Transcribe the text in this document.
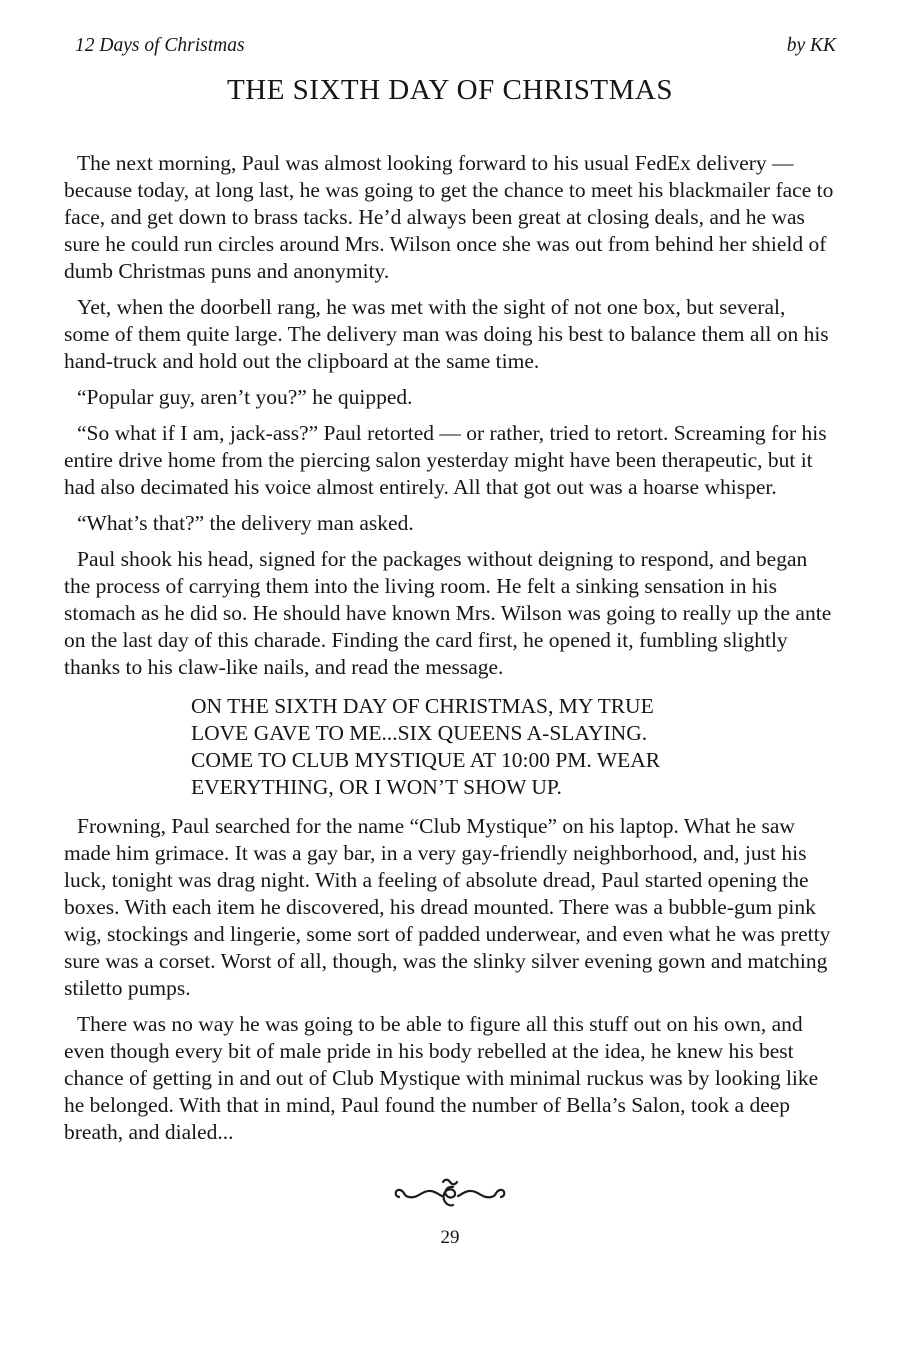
12 Days of Christmas	by KK
THE SIXTH DAY OF CHRISTMAS

The next morning, Paul was almost looking forward to his usual FedEx delivery — because today, at long last, he was going to get the chance to meet his blackmailer face to face, and get down to brass tacks. He’d always been great at closing deals, and he was sure he could run circles around Mrs. Wilson once she was out from behind her shield of dumb Christmas puns and anonymity.

Yet, when the doorbell rang, he was met with the sight of not one box, but several, some of them quite large. The delivery man was doing his best to balance them all on his hand-truck and hold out the clipboard at the same time.

“Popular guy, aren’t you?” he quipped.

“So what if I am, jack-ass?” Paul retorted — or rather, tried to retort. Screaming for his entire drive home from the piercing salon yesterday might have been therapeutic, but it had also decimated his voice almost entirely. All that got out was a hoarse whisper.

“What’s that?” the delivery man asked.

Paul shook his head, signed for the packages without deigning to respond, and began the process of carrying them into the living room. He felt a sinking sensation in his stomach as he did so. He should have known Mrs. Wilson was going to really up the ante on the last day of this charade. Finding the card first, he opened it, fumbling slightly thanks to his claw-like nails, and read the message.

ON THE SIXTH DAY OF CHRISTMAS, MY TRUE
LOVE GAVE TO ME...SIX QUEENS A-SLAYING.
COME TO CLUB MYSTIQUE AT 10:00 PM. WEAR
EVERYTHING, OR I WON’T SHOW UP.

Frowning, Paul searched for the name “Club Mystique” on his laptop. What he saw made him grimace. It was a gay bar, in a very gay-friendly neighborhood, and, just his luck, tonight was drag night. With a feeling of absolute dread, Paul started opening the boxes. With each item he discovered, his dread mounted. There was a bubble-gum pink wig, stockings and lingerie, some sort of padded underwear, and even what he was pretty sure was a corset. Worst of all, though, was the slinky silver evening gown and matching stiletto pumps.

There was no way he was going to be able to figure all this stuff out on his own, and even though every bit of male pride in his body rebelled at the idea, he knew his best chance of getting in and out of Club Mystique with minimal ruckus was by looking like he belonged. With that in mind, Paul found the number of Bella’s Salon, took a deep breath, and dialed...

29
